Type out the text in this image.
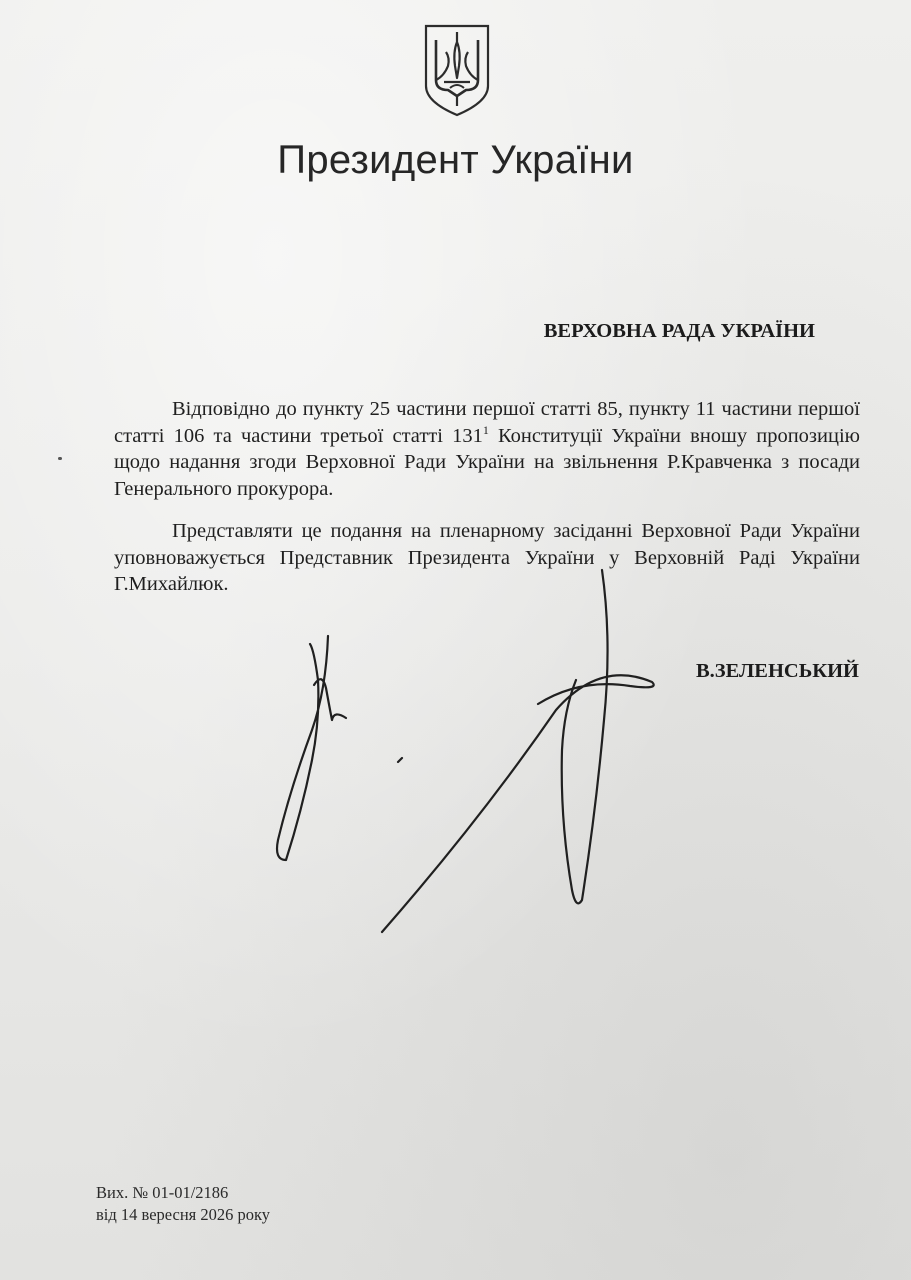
Президент України
ВЕРХОВНА РАДА УКРАЇНИ

Відповідно до пункту 25 частини першої статті 85, пункту 11 частини першої статті 106 та частини третьої статті $131^1$ Конституції України вношу пропозицію щодо надання згоди Верховної Ради України на звільнення Р.Кравченка з посади Генерального прокурора.

Представляти це подання на пленарному засіданні Верховної Ради України уповноважується Представник Президента України у Верховній Раді України Г.Михайлюк.

В.ЗЕЛЕНСЬКИЙ
Вих. № 01-01/2186
від 14 вересня 2026 року
